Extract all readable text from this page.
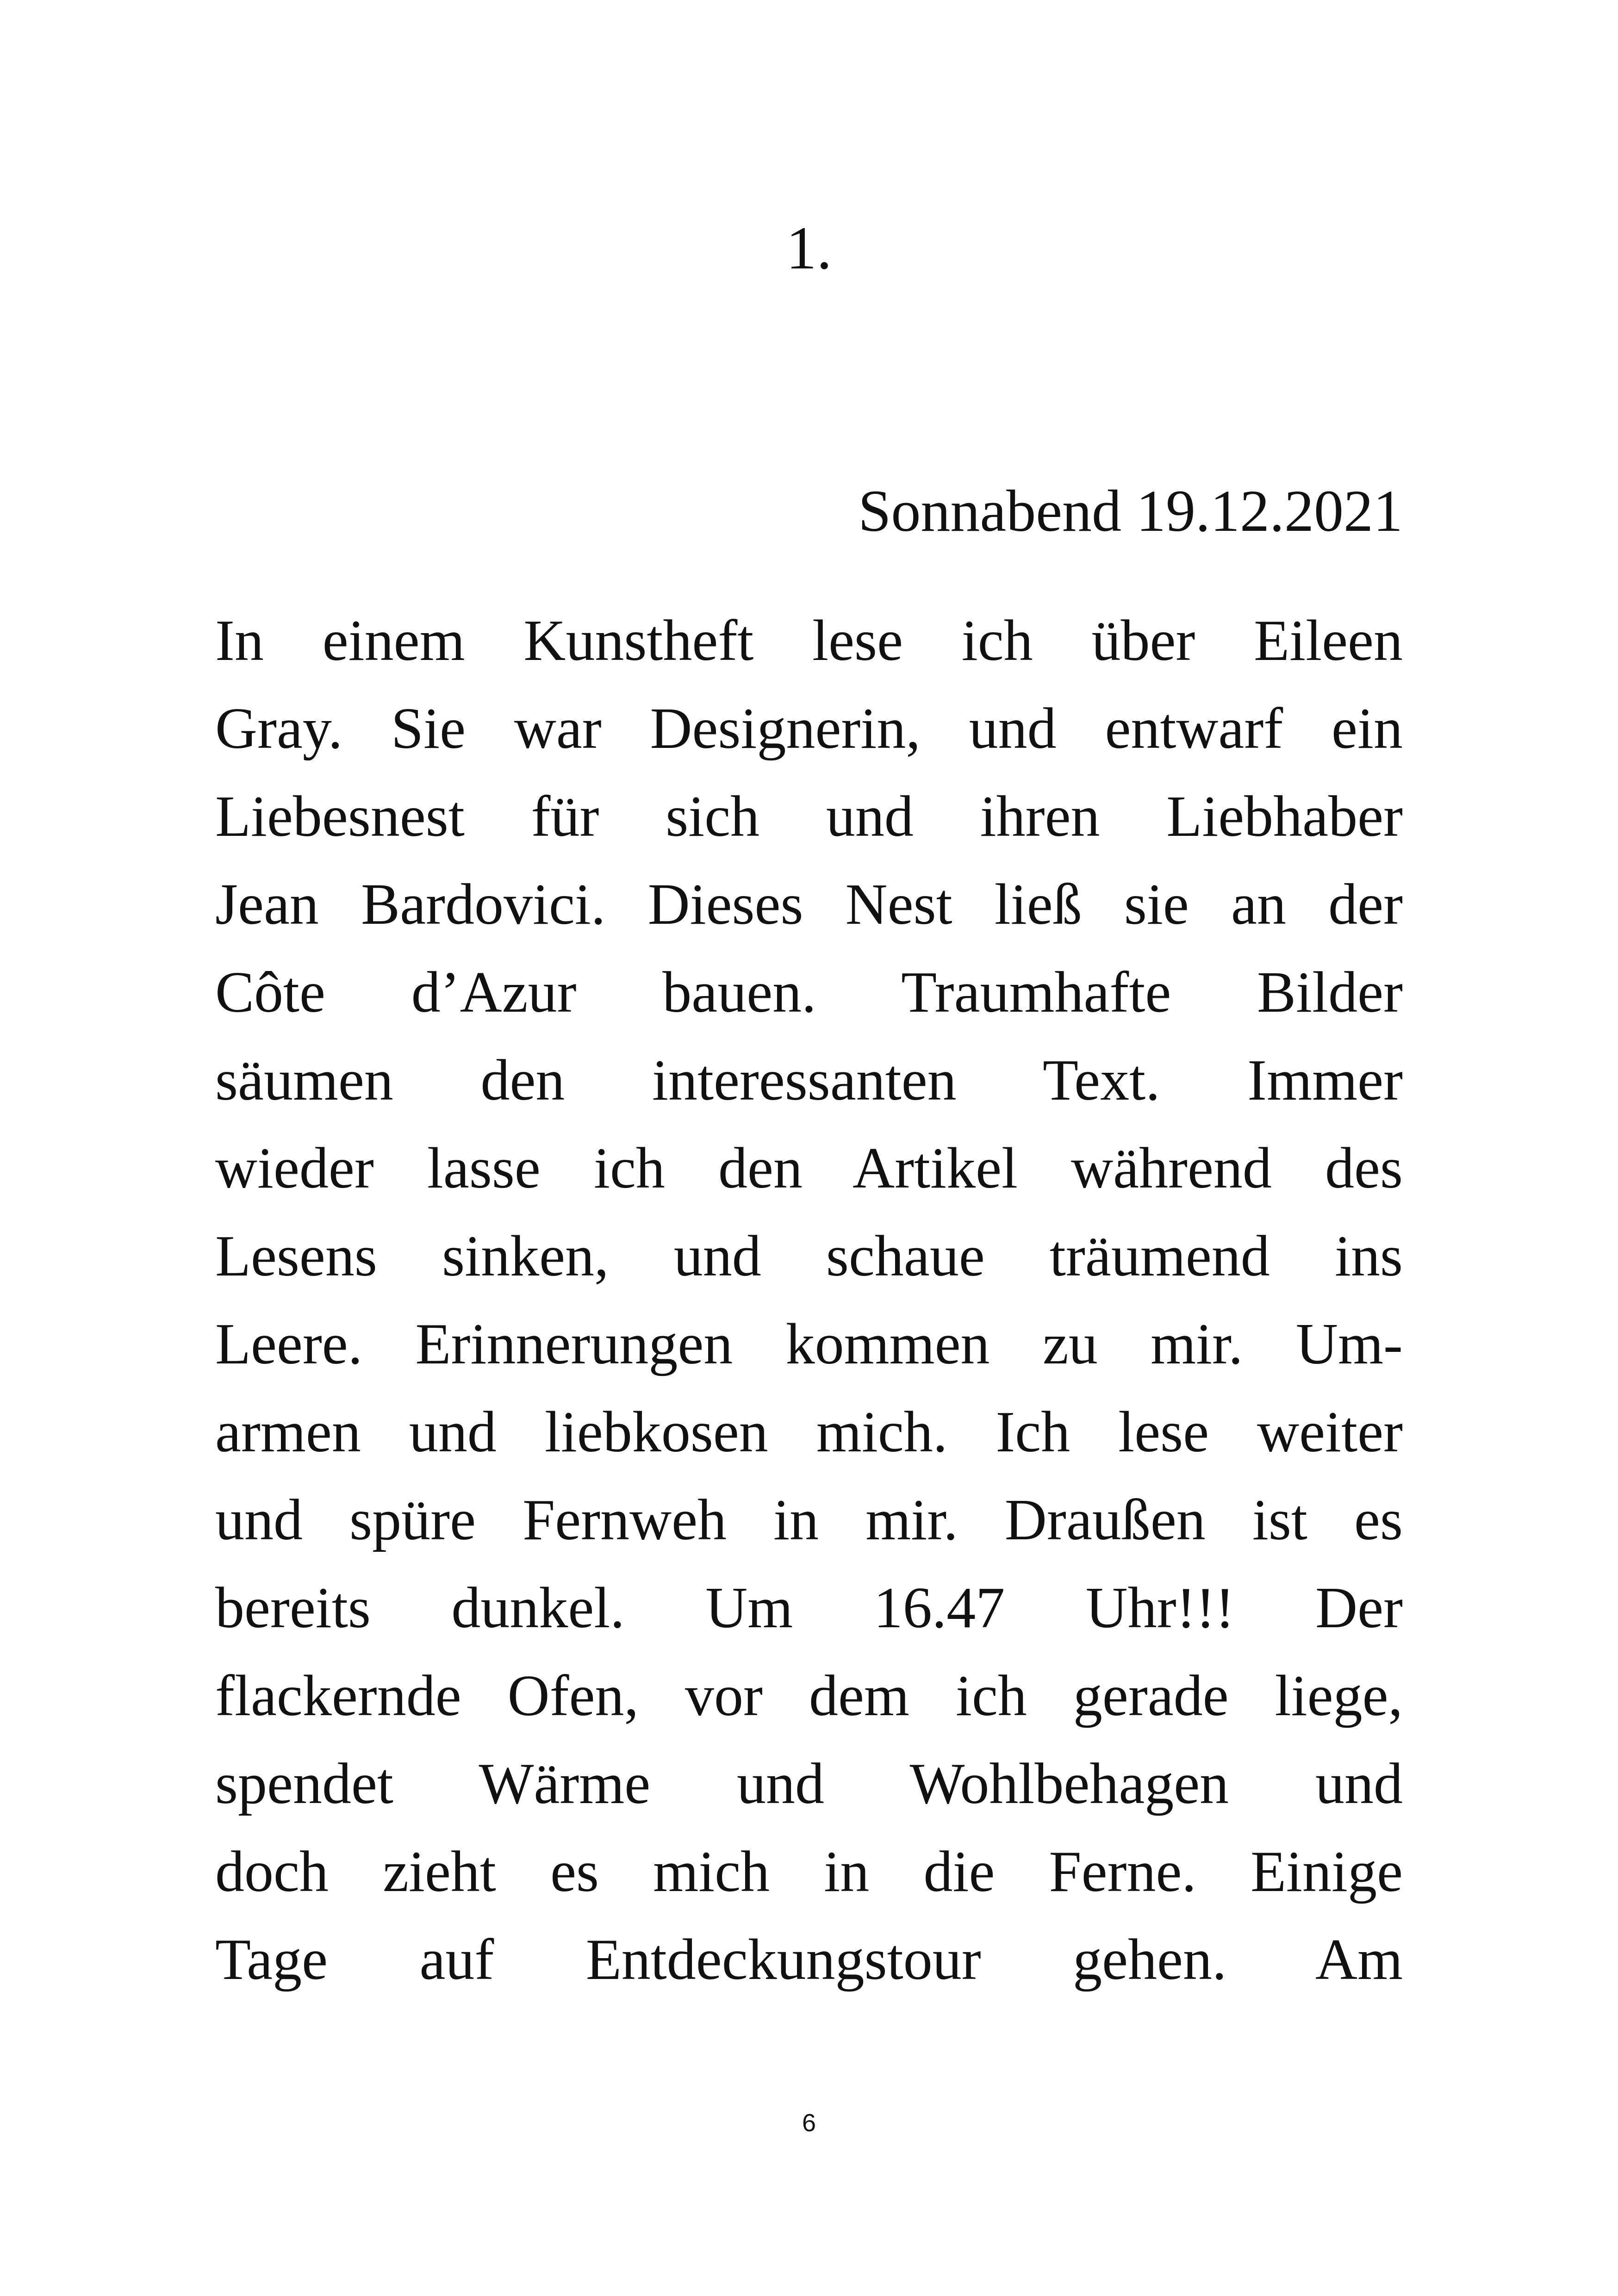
1.
Sonnabend 19.12.2021
In einem Kunstheft lese ich über Eileen
Gray. Sie war Designerin, und entwarf ein
Liebesnest für sich und ihren Liebhaber
Jean Bardovici. Dieses Nest ließ sie an der
Côte d’Azur bauen. Traumhafte Bilder
säumen den interessanten Text. Immer
wieder lasse ich den Artikel während des
Lesens sinken, und schaue träumend ins
Leere. Erinnerungen kommen zu mir. Um-
armen und liebkosen mich. Ich lese weiter
und spüre Fernweh in mir. Draußen ist es
bereits dunkel. Um 16.47 Uhr!!! Der
flackernde Ofen, vor dem ich gerade liege,
spendet Wärme und Wohlbehagen und
doch zieht es mich in die Ferne. Einige
Tage auf Entdeckungstour gehen. Am
6
